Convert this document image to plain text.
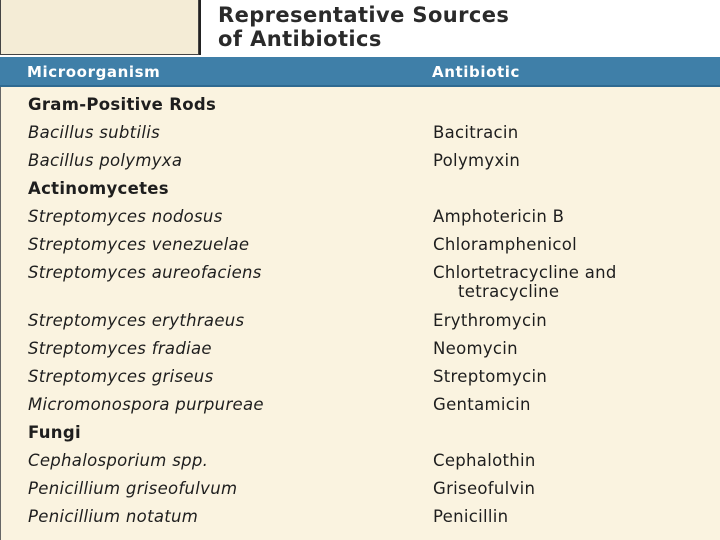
Representative Sources
of Antibiotics
Microorganism	Antibiotic
Gram-Positive Rods
Bacillus subtilis	Bacitracin
Bacillus polymyxa	Polymyxin
Actinomycetes
Streptomyces nodosus	Amphotericin B
Streptomyces venezuelae	Chloramphenicol
Streptomyces aureofaciens	Chlortetracycline and
tetracycline
Streptomyces erythraeus	Erythromycin
Streptomyces fradiae	Neomycin
Streptomyces griseus	Streptomycin
Micromonospora purpureae	Gentamicin
Fungi
Cephalosporium spp.	Cephalothin
Penicillium griseofulvum	Griseofulvin
Penicillium notatum	Penicillin
